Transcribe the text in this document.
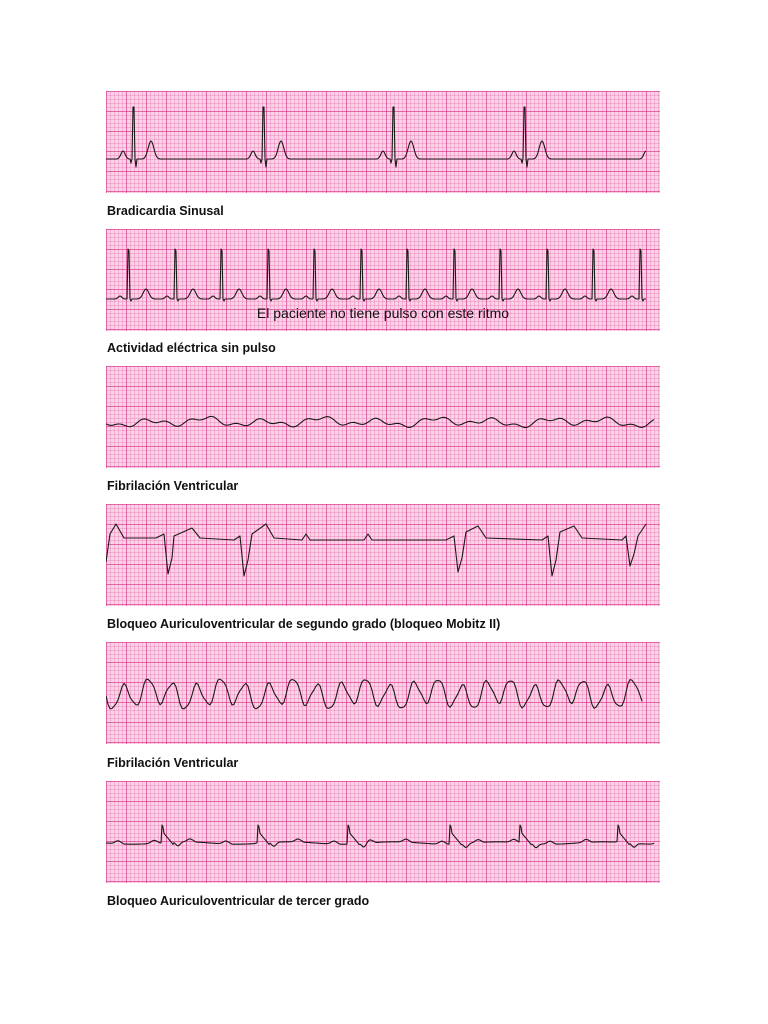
Bradicardia Sinusal
El paciente no tiene pulso con este ritmo
Actividad eléctrica sin pulso
Fibrilación Ventricular
Bloqueo Auriculoventricular de segundo grado (bloqueo Mobitz II)
Fibrilación Ventricular
Bloqueo Auriculoventricular de tercer grado
